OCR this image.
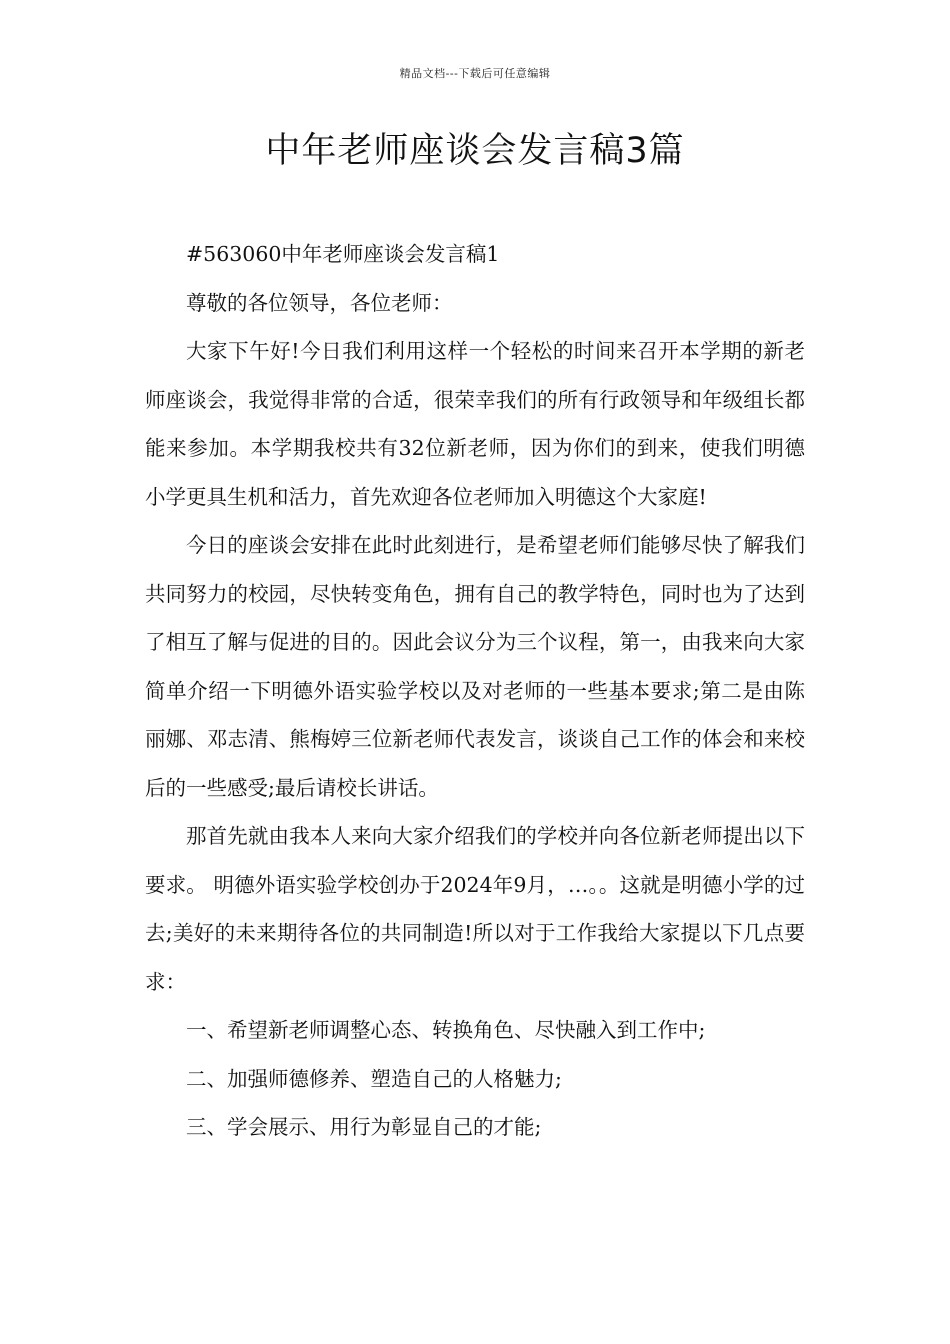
精品文档---下载后可任意编辑
中年老师座谈会发言稿3篇

#563060中年老师座谈会发言稿1

尊敬的各位领导，各位老师：

大家下午好!今日我们利用这样一个轻松的时间来召开本学期的新老师座谈会，我觉得非常的合适，很荣幸我们的所有行政领导和年级组长都能来参加。本学期我校共有32位新老师，因为你们的到来，使我们明德小学更具生机和活力，首先欢迎各位老师加入明德这个大家庭!

今日的座谈会安排在此时此刻进行，是希望老师们能够尽快了解我们共同努力的校园，尽快转变角色，拥有自己的教学特色，同时也为了达到了相互了解与促进的目的。因此会议分为三个议程，第一，由我来向大家简单介绍一下明德外语实验学校以及对老师的一些基本要求;第二是由陈丽娜、邓志清、熊梅婷三位新老师代表发言，谈谈自己工作的体会和来校后的一些感受;最后请校长讲话。

那首先就由我本人来向大家介绍我们的学校并向各位新老师提出以下要求。 明德外语实验学校创办于2024年9月，…。。这就是明德小学的过去;美好的未来期待各位的共同制造!所以对于工作我给大家提以下几点要求：

一、希望新老师调整心态、转换角色、尽快融入到工作中;

二、加强师德修养、塑造自己的人格魅力;

三、学会展示、用行为彰显自己的才能;
